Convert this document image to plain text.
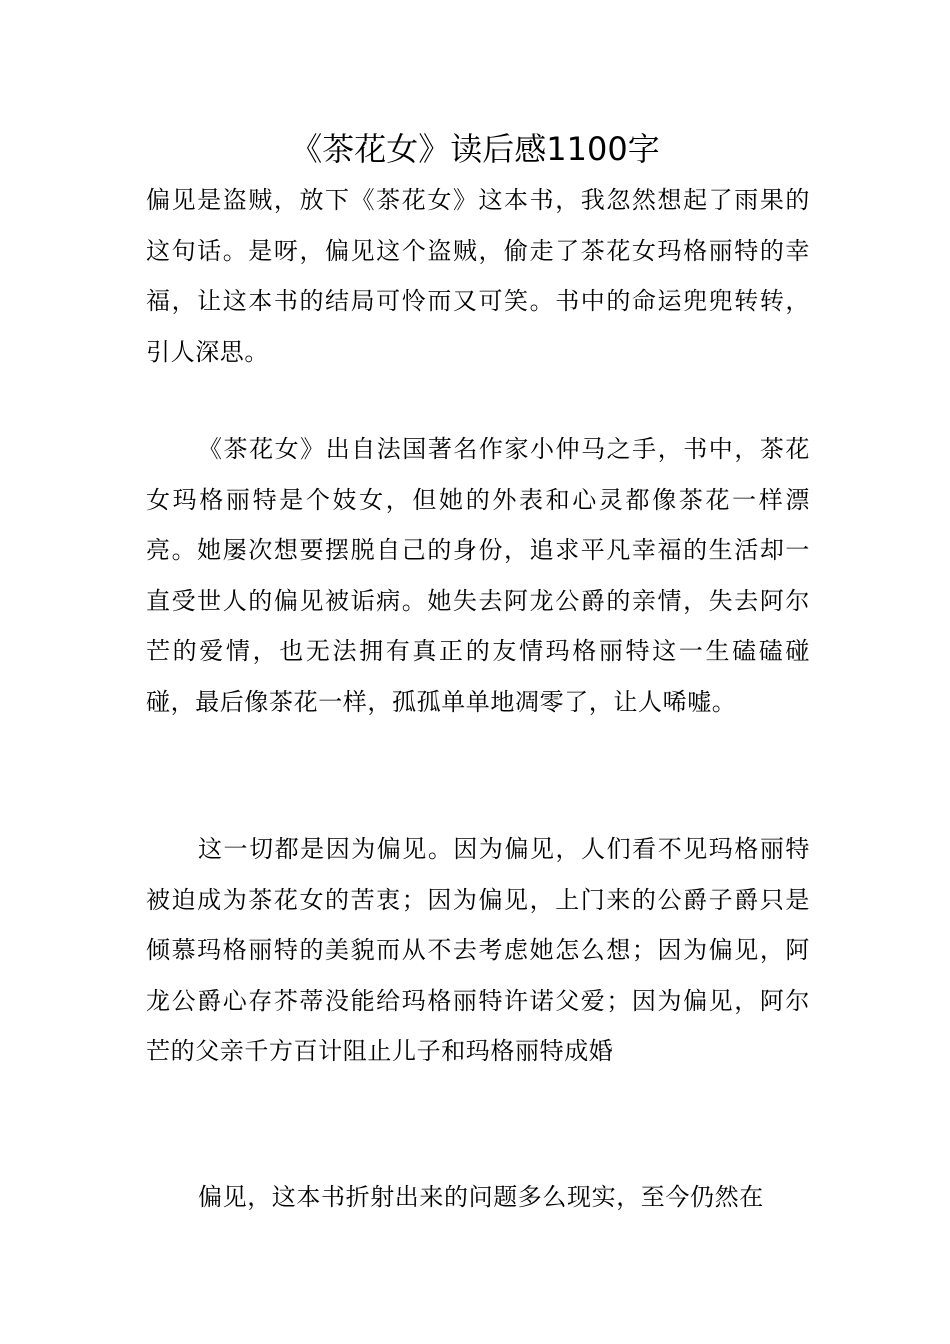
《茶花女》读后感1100字

偏见是盗贼，放下《茶花女》这本书，我忽然想起了雨果的这句话。是呀，偏见这个盗贼，偷走了茶花女玛格丽特的幸福，让这本书的结局可怜而又可笑。书中的命运兜兜转转，引人深思。

《茶花女》出自法国著名作家小仲马之手，书中，茶花女玛格丽特是个妓女，但她的外表和心灵都像茶花一样漂亮。她屡次想要摆脱自己的身份，追求平凡幸福的生活却一直受世人的偏见被诟病。她失去阿龙公爵的亲情，失去阿尔芒的爱情，也无法拥有真正的友情玛格丽特这一生磕磕碰碰，最后像茶花一样，孤孤单单地凋零了，让人唏嘘。

这一切都是因为偏见。因为偏见，人们看不见玛格丽特被迫成为茶花女的苦衷；因为偏见，上门来的公爵子爵只是倾慕玛格丽特的美貌而从不去考虑她怎么想；因为偏见，阿龙公爵心存芥蒂没能给玛格丽特许诺父爱；因为偏见，阿尔芒的父亲千方百计阻止儿子和玛格丽特成婚

偏见，这本书折射出来的问题多么现实，至今仍然在
